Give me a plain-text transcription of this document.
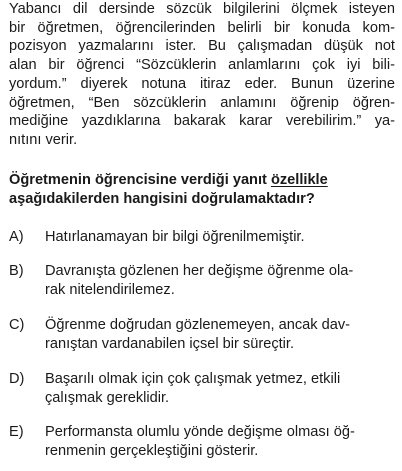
Yabancı dil dersinde sözcük bilgilerini ölçmek isteyen
bir öğretmen, öğrencilerinden belirli bir konuda kom-
pozisyon yazmalarını ister. Bu çalışmadan düşük not
alan bir öğrenci “Sözcüklerin anlamlarını çok iyi bili-
yordum.” diyerek notuna itiraz eder. Bunun üzerine
öğretmen, “Ben sözcüklerin anlamını öğrenip öğren-
mediğine yazdıklarına bakarak karar verebilirim.” ya-
nıtını verir.
Öğretmenin öğrencisine verdiği yanıt özellikle
aşağıdakilerden hangisini doğrulamaktadır?
A)	Hatırlanamayan bir bilgi öğrenilmemiştir.
B)	Davranışta gözlenen her değişme öğrenme ola-
rak nitelendirilemez.
C)	Öğrenme doğrudan gözlenemeyen, ancak dav-
ranıştan vardanabilen içsel bir süreçtir.
D)	Başarılı olmak için çok çalışmak yetmez, etkili
çalışmak gereklidir.
E)	Performansta olumlu yönde değişme olması öğ-
renmenin gerçekleştiğini gösterir.
